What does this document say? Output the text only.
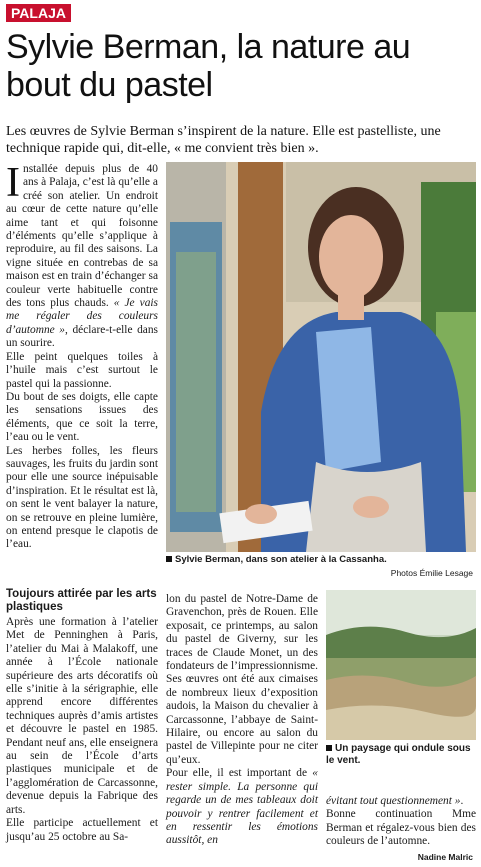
PALAJA
Sylvie Berman, la nature au bout du pastel
Les œuvres de Sylvie Berman s’inspirent de la nature. Elle est pastelliste, une technique rapide qui, dit-elle, « me convient très bien ».
I nstallée depuis plus de 40 ans à Palaja, c’est là qu’elle a créé son atelier. Un endroit au cœur de cette nature qu’elle aime tant et qui foisonne d’éléments qu’elle s’applique à reproduire, au fil des saisons. La vigne située en contrebas de sa maison est en train d’échanger sa couleur verte habituelle contre des tons plus chauds. « Je vais me régaler des couleurs d’automne », déclare-t-elle dans un sourire.

Elle peint quelques toiles à l’huile mais c’est surtout le pastel qui la passionne.

Du bout de ses doigts, elle capte les sensations issues des éléments, que ce soit la terre, l’eau ou le vent.

Les herbes folles, les fleurs sauvages, les fruits du jardin sont pour elle une source inépuisable d’inspiration. Et le résultat est là, on sent le vent balayer la nature, on se retrouve en pleine lumière, on entend presque le clapotis de l’eau.

Sylvie Berman, dans son atelier à la Cassanha.
Photos Émilie Lesage
Toujours attirée par les arts plastiques

Après une formation à l’atelier Met de Penninghen à Paris, l’atelier du Mai à Malakoff, une année à l’École nationale supérieure des arts décoratifs où elle s’initie à la sérigraphie, elle apprend encore différentes techniques auprès d’amis artistes et découvre le pastel en 1985. Pendant neuf ans, elle enseignera au sein de l’École d’arts plastiques municipale et de l’agglomération de Carcassonne, devenue depuis la Fabrique des arts.

Elle participe actuellement et jusqu’au 25 octobre au Sa-

lon du pastel de Notre-Dame de Gravenchon, près de Rouen. Elle exposait, ce printemps, au salon du pastel de Giverny, sur les traces de Claude Monet, un des fondateurs de l’impressionnisme. Ses œuvres ont été aux cimaises de nombreux lieux d’exposition audois, la Maison du chevalier à Carcassonne, l’abbaye de Saint-Hilaire, ou encore au salon du pastel de Villepinte pour ne citer qu’eux.

Pour elle, il est important de « rester simple. La personne qui regarde un de mes tableaux doit pouvoir y rentrer facilement et en ressentir les émotions aussitôt, en

Un paysage qui ondule sous le vent.

évitant tout questionnement ».

Bonne continuation Mme Berman et régalez-vous bien des couleurs de l’automne.

Nadine Malric
